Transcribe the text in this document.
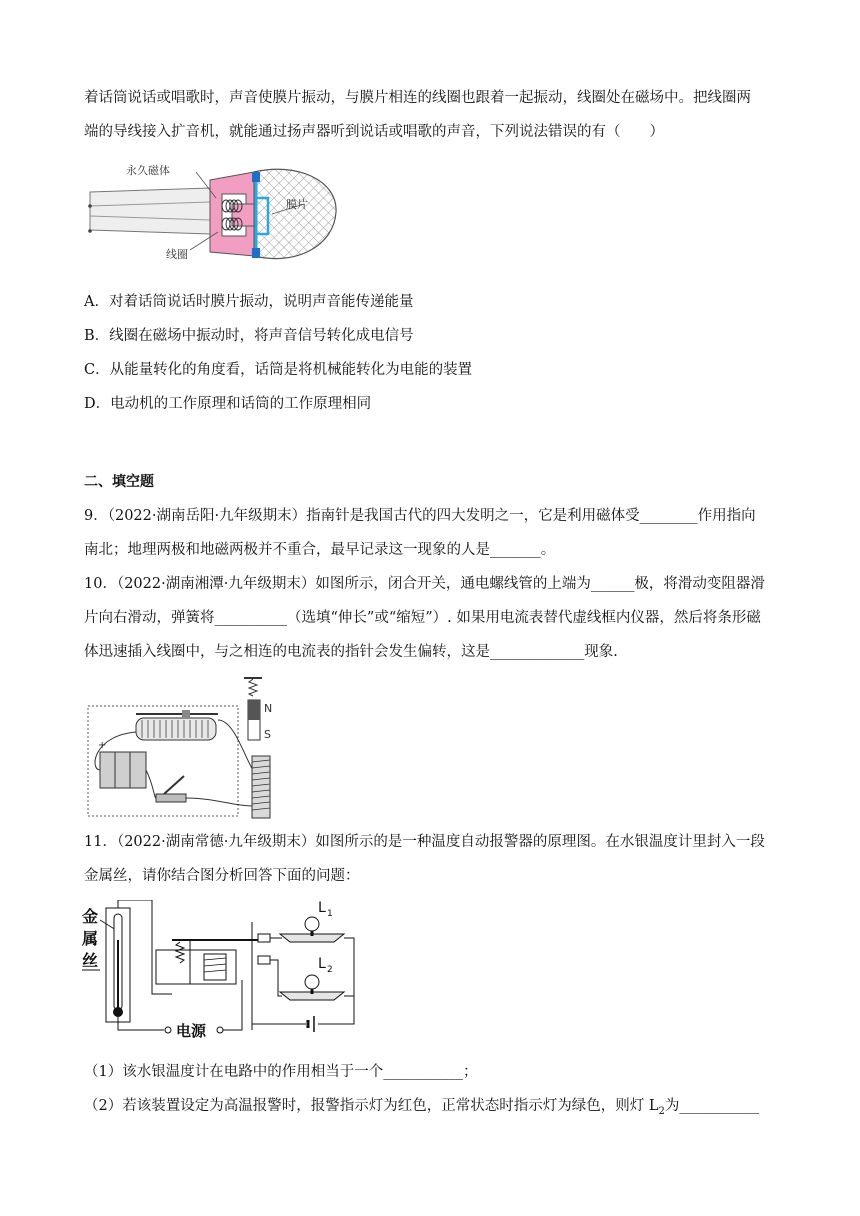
着话筒说话或唱歌时，声音使膜片振动，与膜片相连的线圈也跟着一起振动，线圈处在磁场中。把线圈两
端的导线接入扩音机，就能通过扬声器听到说话或唱歌的声音，下列说法错误的有（　　）
永久磁体
膜片
线圈
A．对着话筒说话时膜片振动，说明声音能传递能量
B．线圈在磁场中振动时，将声音信号转化成电信号
C．从能量转化的角度看，话筒是将机械能转化为电能的装置
D．电动机的工作原理和话筒的工作原理相同
二、填空题
9．（2022·湖南岳阳·九年级期末）指南针是我国古代的四大发明之一，它是利用磁体受________作用指向
南北；地理两极和地磁两极并不重合，最早记录这一现象的人是_______。
10．（2022·湖南湘潭·九年级期末）如图所示，闭合开关，通电螺线管的上端为______极，将滑动变阻器滑
片向右滑动，弹簧将__________（选填“伸长”或“缩短”）. 如果用电流表替代虚线框内仪器，然后将条形磁
体迅速插入线圈中，与之相连的电流表的指针会发生偏转，这是_____________现象.
+
N
S
11．（2022·湖南常德·九年级期末）如图所示的是一种温度自动报警器的原理图。在水银温度计里封入一段
金属丝，请你结合图分析回答下面的问题：
金
属
丝
电源
L 1
L 2
（1）该水银温度计在电路中的作用相当于一个___________；
（2）若该装置设定为高温报警时，报警指示灯为红色，正常状态时指示灯为绿色，则灯 $L_2$为___________
